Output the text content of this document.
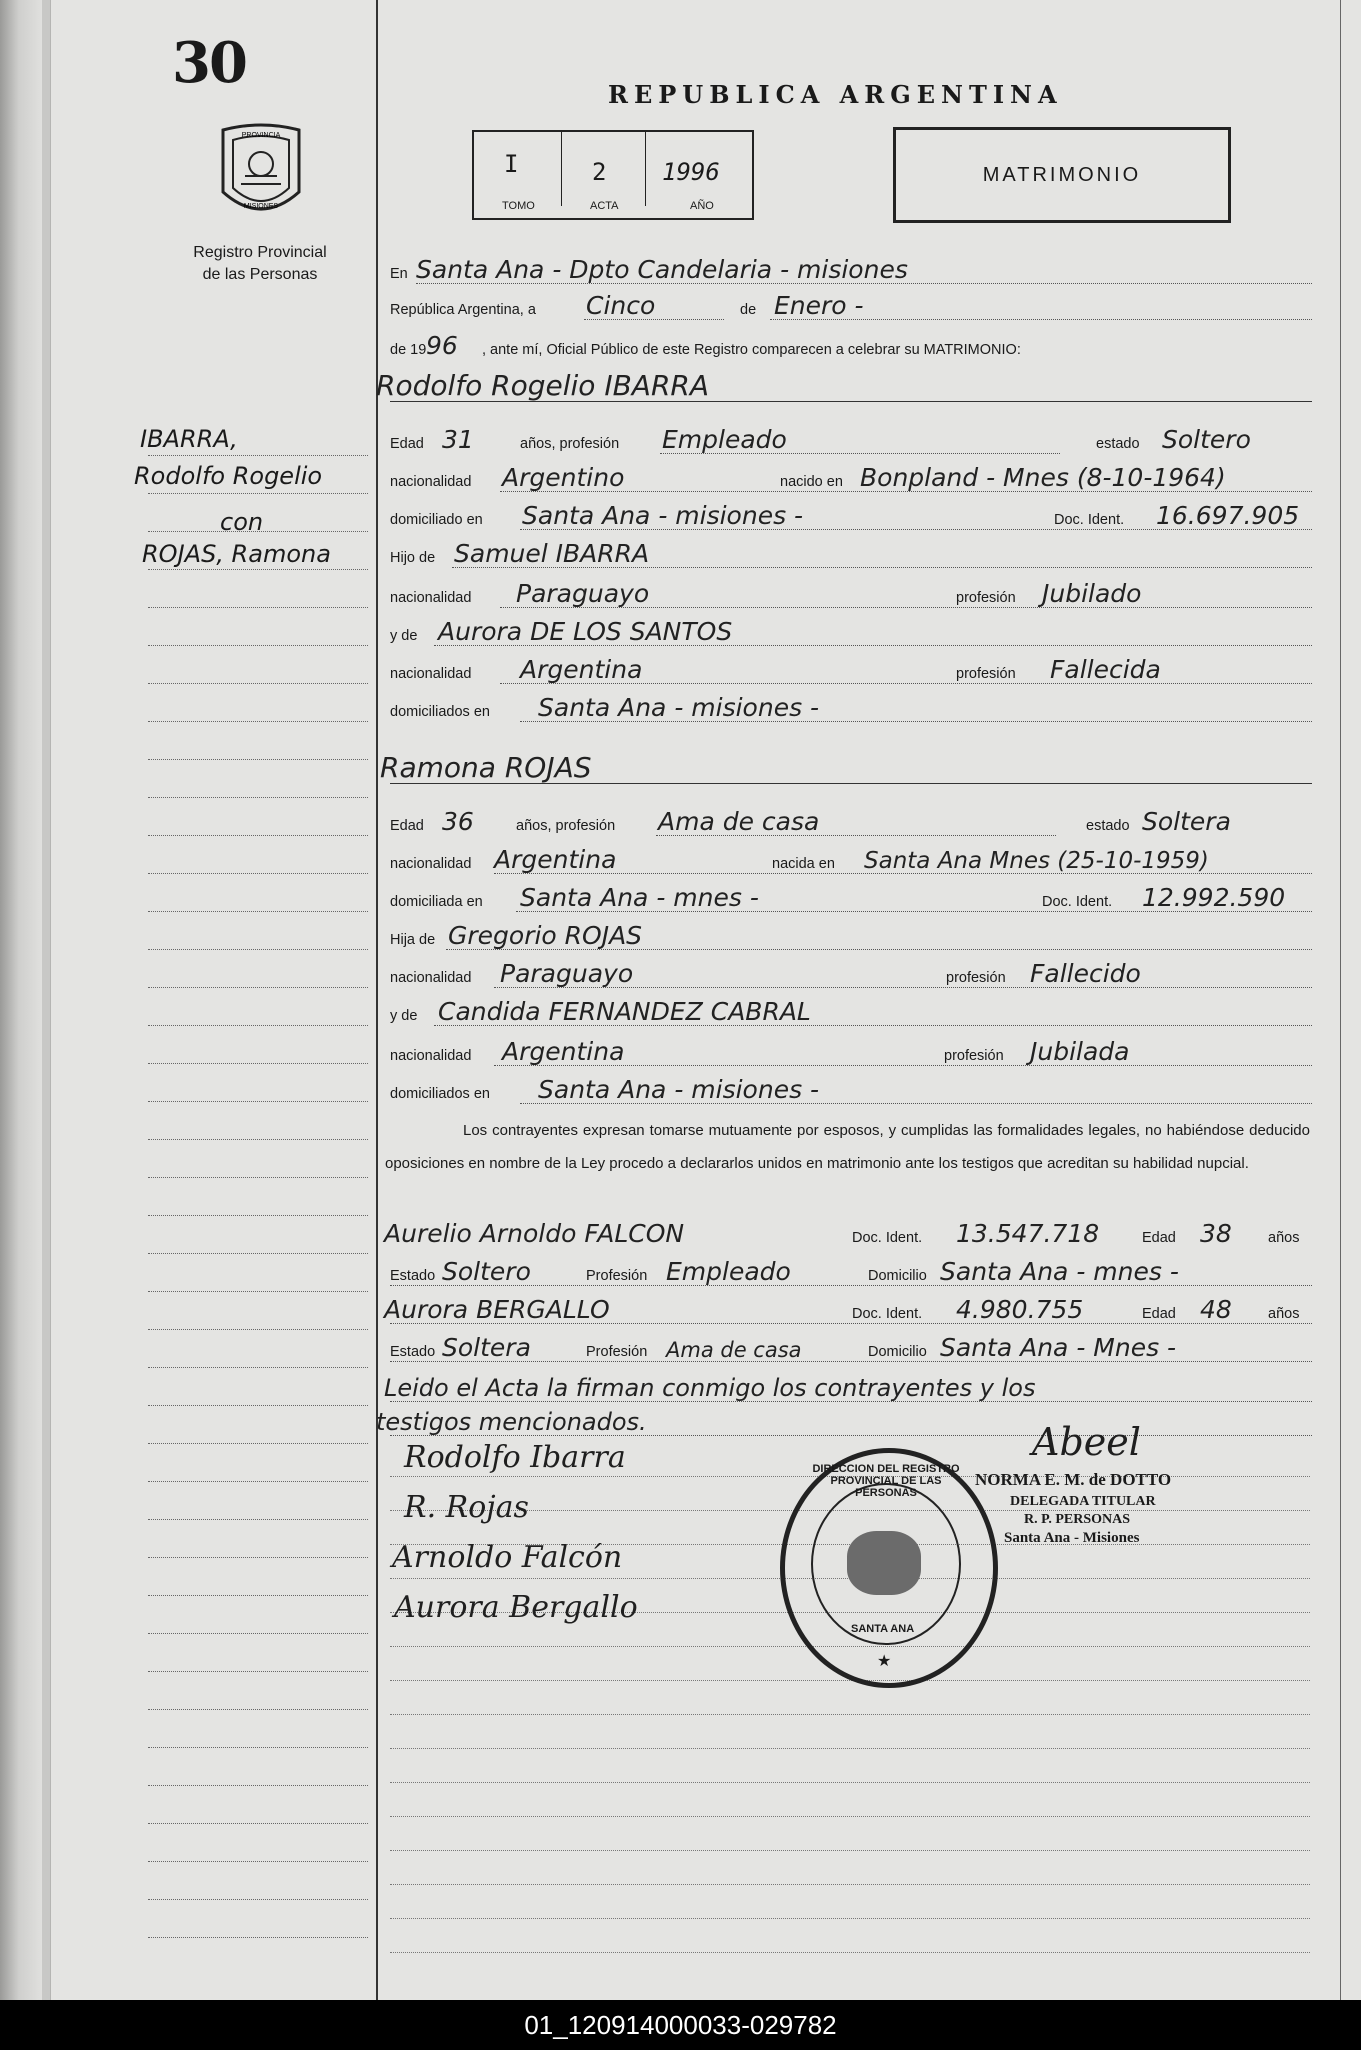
30
PROVINCIA
MISIONES
Registro Provincial
de las Personas
REPUBLICA ARGENTINA
I	2 1996
TOMO	ACTA	AÑO
MATRIMONIO
IBARRA,
Rodolfo Rogelio
con
ROJAS, Ramona
En Santa Ana - Dpto Candelaria - misiones
República Argentina, a Cinco	de Enero -
de 19 96 , ante mí, Oficial Público de este Registro comparecen a celebrar su MATRIMONIO:
Rodolfo Rogelio IBARRA
Edad 31	años, profesión Empleado	estado Soltero
nacionalidad Argentino	nacido en Bonpland - Mnes (8-10-1964)
domiciliado en Santa Ana - misiones -	Doc. Ident. 16.697.905
Hijo de Samuel IBARRA
nacionalidad Paraguayo	profesión Jubilado
y de Aurora DE LOS SANTOS
nacionalidad Argentina	profesión Fallecida
domiciliados en Santa Ana - misiones -
Ramona ROJAS
Edad 36	años, profesión Ama de casa	estado Soltera
nacionalidad Argentina	nacida en Santa Ana Mnes (25-10-1959)
domiciliada en Santa Ana - mnes -	Doc. Ident. 12.992.590
Hija de Gregorio ROJAS
nacionalidad Paraguayo	profesión Fallecido
y de Candida FERNANDEZ CABRAL
nacionalidad Argentina	profesión Jubilada
domiciliados en Santa Ana - misiones -
Los contrayentes expresan tomarse mutuamente por esposos, y cumplidas las formalidades legales, no habiéndose deducido oposiciones en nombre de la Ley procedo a declararlos unidos en matrimonio ante los testigos que acreditan su habilidad nupcial.
Aurelio Arnoldo FALCON	Doc. Ident. 13.547.718	Edad 38 años
Estado Soltero	Profesión Empleado	Domicilio Santa Ana - mnes -
Aurora BERGALLO	Doc. Ident. 4.980.755	Edad 48 años
Estado Soltera	Profesión Ama de casa	Domicilio Santa Ana - Mnes -
Leido el Acta la firman conmigo los contrayentes y los
testigos mencionados.
Rodolfo Ibarra
R. Rojas
Arnoldo Falcón
Aurora Bergallo
DIRECCION DEL REGISTRO PROVINCIAL DE LAS PERSONAS
SANTA ANA
★
Abeel
NORMA E. M. de DOTTO
DELEGADA TITULAR
R. P. PERSONAS
Santa Ana - Misiones
01_120914000033-029782
